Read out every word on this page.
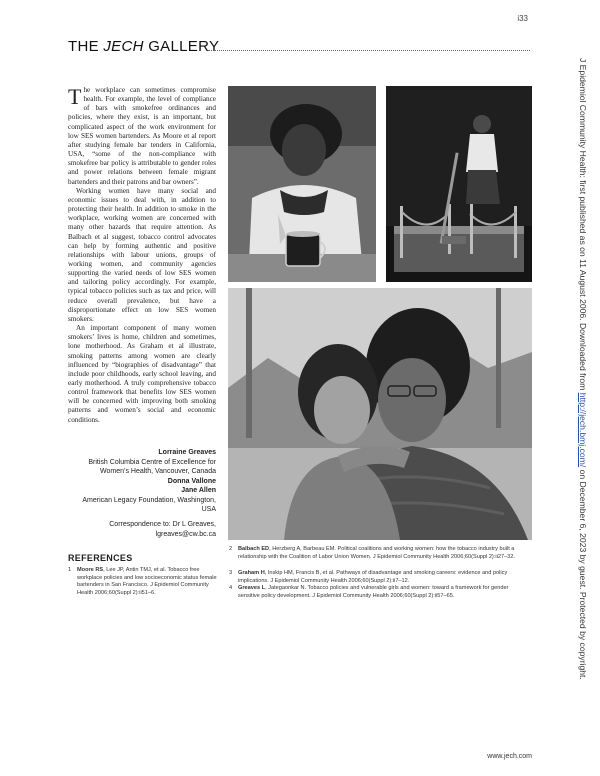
i33
THE JECH GALLERY

The workplace can sometimes compromise health. For example, the level of compliance of bars with smokefree ordinances and policies, where they exist, is an important, but complicated aspect of the work environment for low SES women bartenders. As Moore et al report after studying female bar tenders in California, USA, “some of the non-compliance with smokefree bar policy is attributable to gender roles and power relations between female migrant bartenders and their patrons and bar owners”.

Working women have many social and economic issues to deal with, in addition to protecting their health. In addition to smoke in the workplace, working women are concerned with many other hazards that require attention. As Balbach et al suggest, tobacco control advocates can help by forming authentic and positive relationships with labour unions, groups of working women, and community agencies supporting the varied needs of low SES women and tailoring policy accordingly. For example, typical tobacco policies such as tax and price, will reduce overall prevalence, but have a disproportionate effect on low SES women smokers.

An important component of many women smokers’ lives is home, children and sometimes, lone motherhood. As Graham et al illustrate, smoking patterns among women are clearly influenced by “biographies of disadvantage” that include poor childhoods, early school leaving, and early motherhood. A truly comprehensive tobacco control framework that benefits low SES women will be concerned with improving both smoking patterns and women’s social and economic conditions.

Lorraine Greaves
British Columbia Centre of Excellence for
Women’s Health, Vancouver, Canada
Donna Vallone
Jane Allen
American Legacy Foundation, Washington,
USA
Correspondence to: Dr L Greaves,
lgreaves@cw.bc.ca
REFERENCES
1 Moore RS, Lee JP, Antin TMJ, et al. Tobacco free workplace policies and low socioeconomic status female bartenders in San Francisco. J Epidemiol Community Health 2006;60(Suppl 2):ii51–6.
2 Balbach ED, Herzberg A, Barbeau EM. Political coalitions and working women: how the tobacco industry built a relationship with the Coalition of Labor Union Women. J Epidemiol Community Health 2006;60(Suppl 2):ii27–32.
3 Graham H, Inskip HM, Francis B, et al. Pathways of disadvantage and smoking careers: evidence and policy implications. J Epidemiol Community Health 2006;60(Suppl 2):ii7–12.
4 Greaves L, Jategaonkar N. Tobacco policies and vulnerable girls and women: toward a framework for gender sensitive policy development. J Epidemiol Community Health 2006;60(Suppl 2):ii57–65.
J Epidemiol Community Health: first published as on 11 August 2006. Downloaded from http://jech.bmj.com/ on December 6, 2023 by guest. Protected by copyright.
www.jech.com
